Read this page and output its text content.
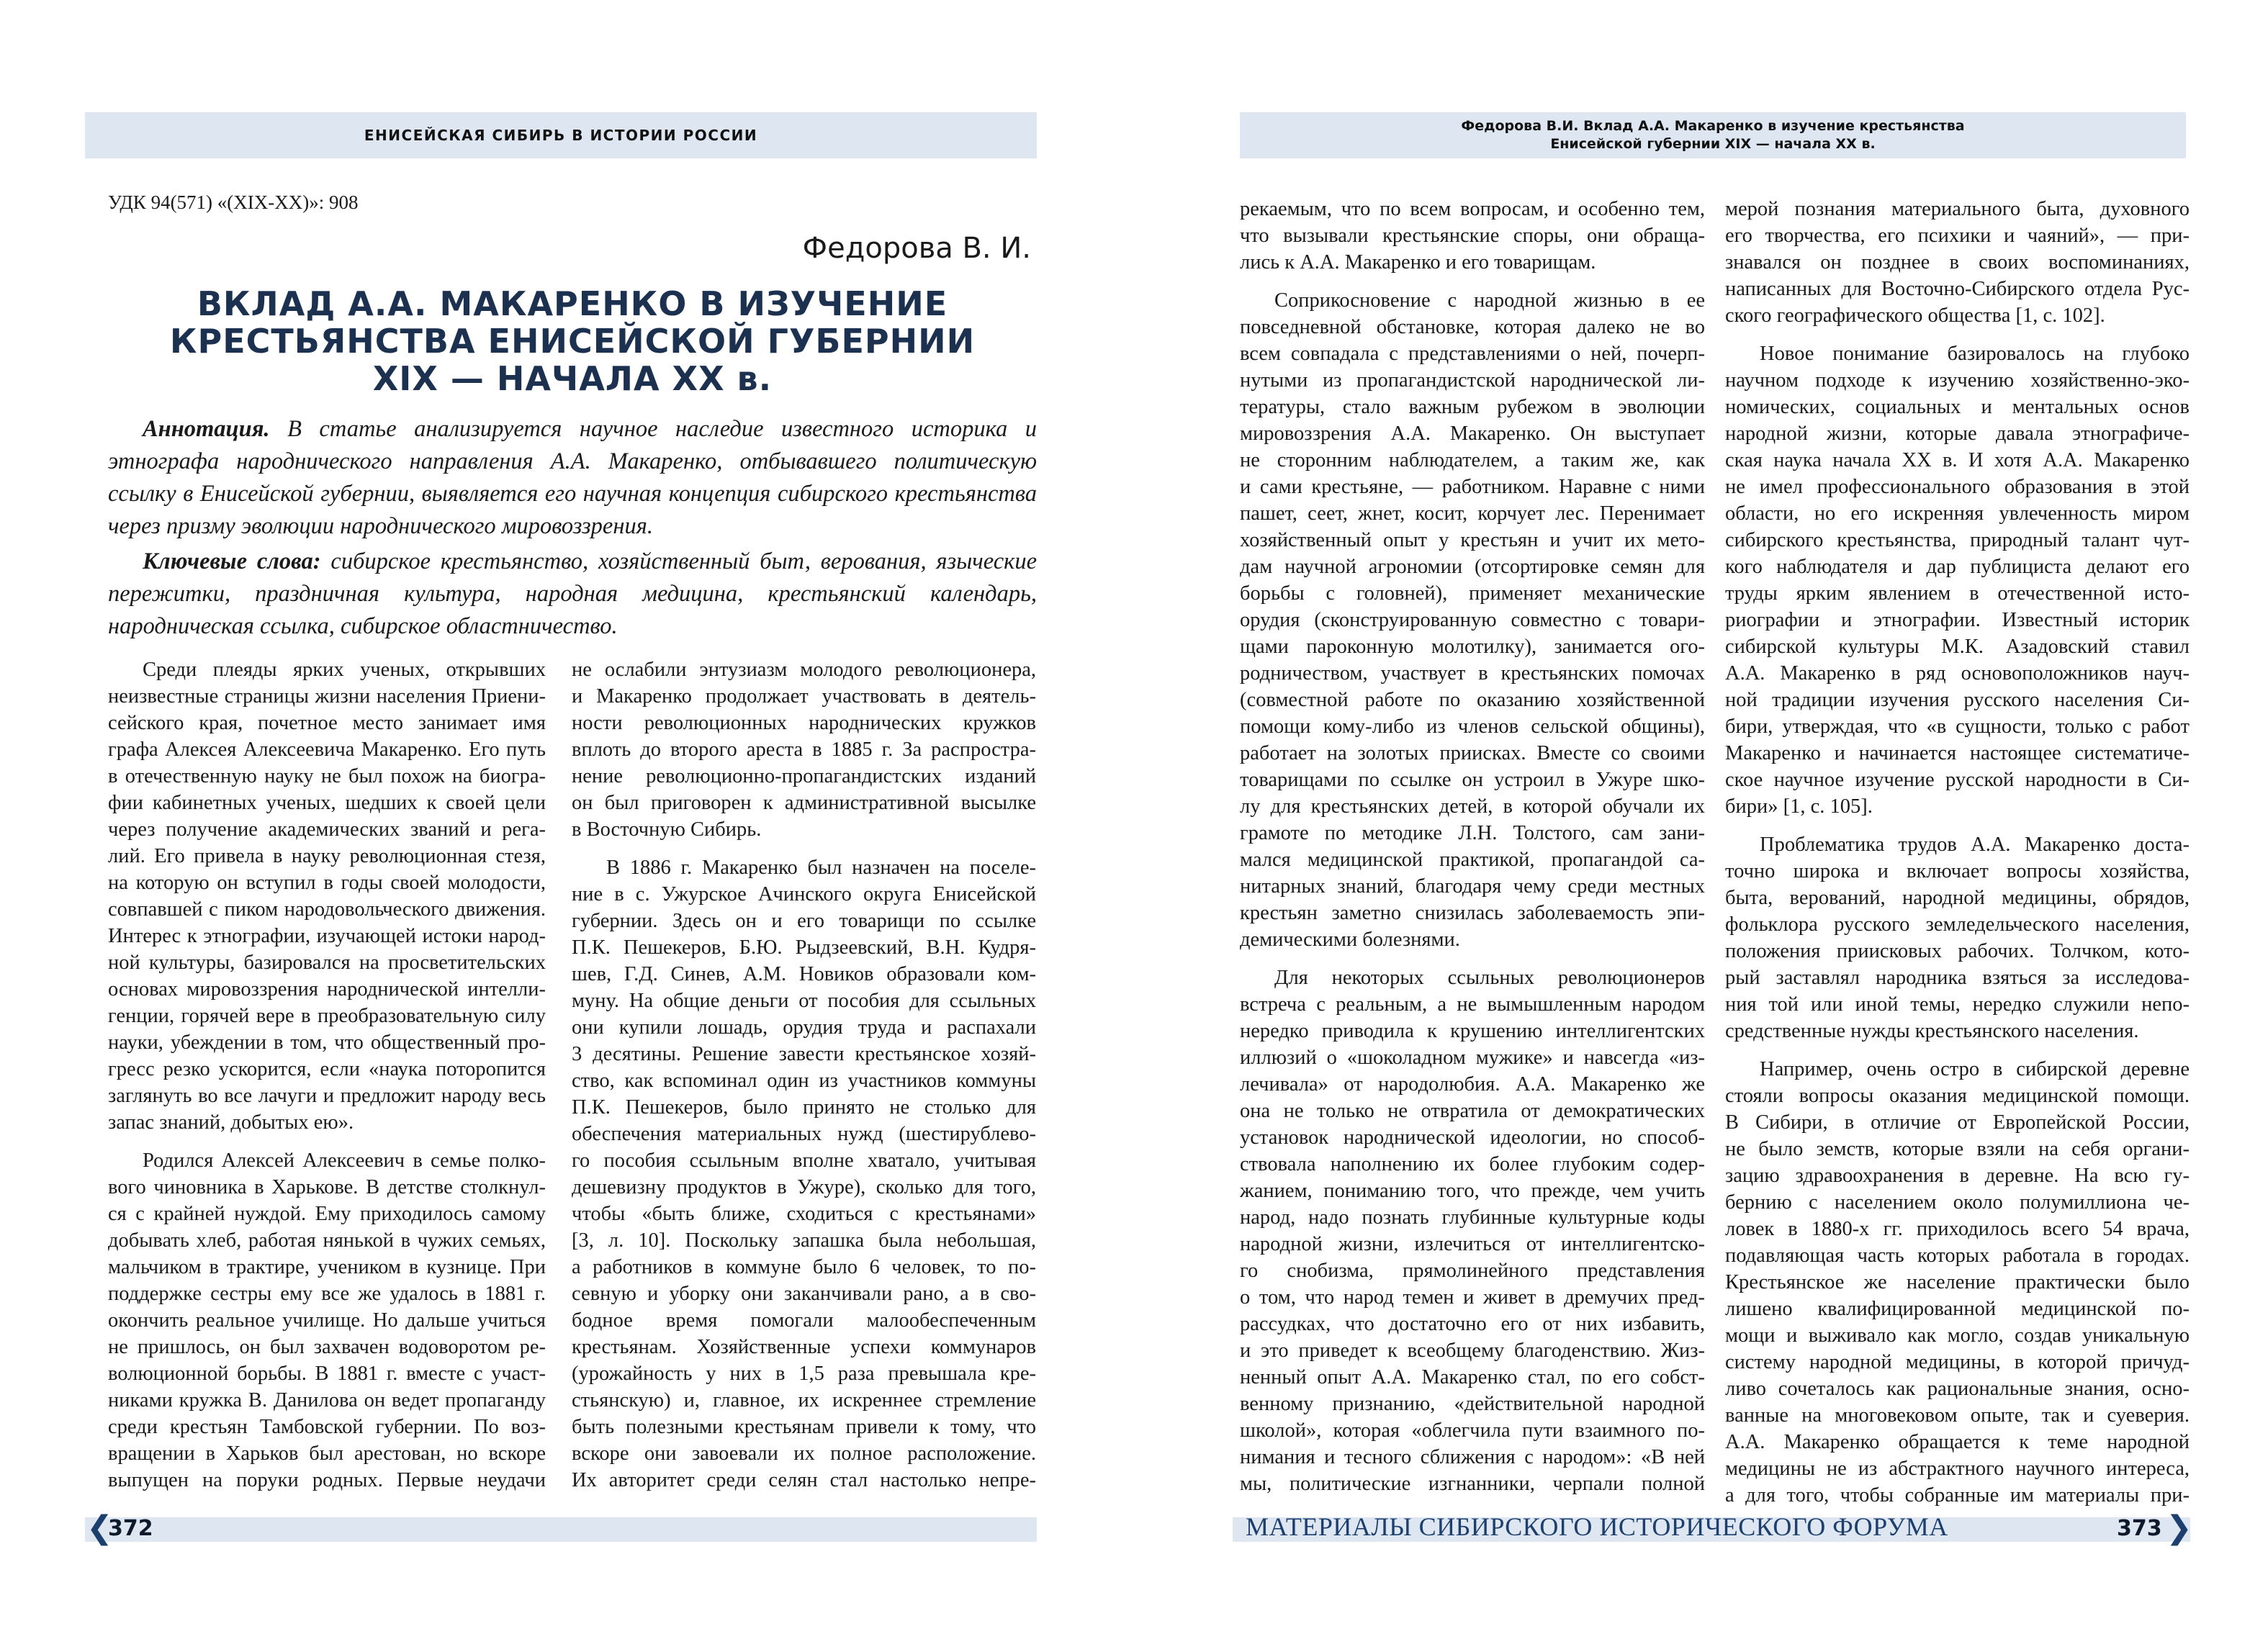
ЕНИСЕЙСКАЯ СИБИРЬ В ИСТОРИИ РОССИИ
УДК 94(571) «(XIX-XX)»: 908
Федорова В. И.
ВКЛАД А.А. МАКАРЕНКО В ИЗУЧЕНИЕ
КРЕСТЬЯНСТВА ЕНИСЕЙСКОЙ ГУБЕРНИИ
XIX — НАЧАЛА XX в.
Аннотация. В статье анализируется научное наследие известного историка и этнографа народнического направления А.А. Макаренко, отбывавшего политическую ссылку в Енисейской губернии, выявляется его научная концепция сибирского крестьянства через призму эволюции народнического мировоззрения.
Ключевые слова: сибирское крестьянство, хозяйственный быт, верования, языческие пережитки, праздничная культура, народная медицина, крестьянский календарь, народническая ссылка, сибирское областничество.
Среди плеяды ярких ученых, открывших
неизвестные страницы жизни населения Приени-
сейского края, почетное место занимает имя
графа Алексея Алексеевича Макаренко. Его путь
в отечественную науку не был похож на биогра-
фии кабинетных ученых, шедших к своей цели
через получение академических званий и рега-
лий. Его привела в науку революционная стезя,
на которую он вступил в годы своей молодости,
совпавшей с пиком народовольческого движения.
Интерес к этнографии, изучающей истоки народ-
ной культуры, базировался на просветительских
основах мировоззрения народнической интелли-
генции, горячей вере в преобразовательную силу
науки, убеждении в том, что общественный про-
гресс резко ускорится, если «наука поторопится
заглянуть во все лачуги и предложит народу весь
запас знаний, добытых ею».
Родился Алексей Алексеевич в семье полко-
вого чиновника в Харькове. В детстве столкнул-
ся с крайней нуждой. Ему приходилось самому
добывать хлеб, работая нянькой в чужих семьях,
мальчиком в трактире, учеником в кузнице. При
поддержке сестры ему все же удалось в 1881 г.
окончить реальное училище. Но дальше учиться
не пришлось, он был захвачен водоворотом ре-
волюционной борьбы. В 1881 г. вместе с участ-
никами кружка В. Данилова он ведет пропаганду
среди крестьян Тамбовской губернии. По воз-
вращении в Харьков был арестован, но вскоре
выпущен на поруки родных. Первые неудачи
не ослабили энтузиазм молодого революционера,
и Макаренко продолжает участвовать в деятель-
ности революционных народнических кружков
вплоть до второго ареста в 1885 г. За распростра-
нение революционно-пропагандистских изданий
он был приговорен к административной высылке
в Восточную Сибирь.
В 1886 г. Макаренко был назначен на поселе-
ние в с. Ужурское Ачинского округа Енисейской
губернии. Здесь он и его товарищи по ссылке
П.К. Пешекеров, Б.Ю. Рыдзеевский, В.Н. Кудря-
шев, Г.Д. Синев, А.М. Новиков образовали ком-
муну. На общие деньги от пособия для ссыльных
они купили лошадь, орудия труда и распахали
3 десятины. Решение завести крестьянское хозяй-
ство, как вспоминал один из участников коммуны
П.К. Пешекеров, было принято не столько для
обеспечения материальных нужд (шестирублево-
го пособия ссыльным вполне хватало, учитывая
дешевизну продуктов в Ужуре), сколько для того,
чтобы «быть ближе, сходиться с крестьянами»
[3, л. 10]. Поскольку запашка была небольшая,
а работников в коммуне было 6 человек, то по-
севную и уборку они заканчивали рано, а в сво-
бодное время помогали малообеспеченным
крестьянам. Хозяйственные успехи коммунаров
(урожайность у них в 1,5 раза превышала кре-
стьянскую) и, главное, их искреннее стремление
быть полезными крестьянам привели к тому, что
вскоре они завоевали их полное расположение.
Их авторитет среди селян стал настолько непре-
❮
372
Федорова В.И. Вклад А.А. Макаренко в изучение крестьянства
Енисейской губернии XIX — начала XX в.
рекаемым, что по всем вопросам, и особенно тем,
что вызывали крестьянские споры, они обраща-
лись к А.А. Макаренко и его товарищам.
Соприкосновение с народной жизнью в ее
повседневной обстановке, которая далеко не во
всем совпадала с представлениями о ней, почерп-
нутыми из пропагандистской народнической ли-
тературы, стало важным рубежом в эволюции
мировоззрения А.А. Макаренко. Он выступает
не сторонним наблюдателем, а таким же, как
и сами крестьяне, — работником. Наравне с ними
пашет, сеет, жнет, косит, корчует лес. Перенимает
хозяйственный опыт у крестьян и учит их мето-
дам научной агрономии (отсортировке семян для
борьбы с головней), применяет механические
орудия (сконструированную совместно с товари-
щами пароконную молотилку), занимается ого-
родничеством, участвует в крестьянских помочах
(совместной работе по оказанию хозяйственной
помощи кому-либо из членов сельской общины),
работает на золотых приисках. Вместе со своими
товарищами по ссылке он устроил в Ужуре шко-
лу для крестьянских детей, в которой обучали их
грамоте по методике Л.Н. Толстого, сам зани-
мался медицинской практикой, пропагандой са-
нитарных знаний, благодаря чему среди местных
крестьян заметно снизилась заболеваемость эпи-
демическими болезнями.
Для некоторых ссыльных революционеров
встреча с реальным, а не вымышленным народом
нередко приводила к крушению интеллигентских
иллюзий о «шоколадном мужике» и навсегда «из-
лечивала» от народолюбия. А.А. Макаренко же
она не только не отвратила от демократических
установок народнической идеологии, но способ-
ствовала наполнению их более глубоким содер-
жанием, пониманию того, что прежде, чем учить
народ, надо познать глубинные культурные коды
народной жизни, излечиться от интеллигентско-
го снобизма, прямолинейного представления
о том, что народ темен и живет в дремучих пред-
рассудках, что достаточно его от них избавить,
и это приведет к всеобщему благоденствию. Жиз-
ненный опыт А.А. Макаренко стал, по его собст-
венному признанию, «действительной народной
школой», которая «облегчила пути взаимного по-
нимания и тесного сближения с народом»: «В ней
мы, политические изгнанники, черпали полной
мерой познания материального быта, духовного
его творчества, его психики и чаяний», — при-
знавался он позднее в своих воспоминаниях,
написанных для Восточно-Сибирского отдела Рус-
ского географического общества [1, с. 102].
Новое понимание базировалось на глубоко
научном подходе к изучению хозяйственно-эко-
номических, социальных и ментальных основ
народной жизни, которые давала этнографиче-
ская наука начала XX в. И хотя А.А. Макаренко
не имел профессионального образования в этой
области, но его искренняя увлеченность миром
сибирского крестьянства, природный талант чут-
кого наблюдателя и дар публициста делают его
труды ярким явлением в отечественной исто-
риографии и этнографии. Известный историк
сибирской культуры М.К. Азадовский ставил
А.А. Макаренко в ряд основоположников науч-
ной традиции изучения русского населения Си-
бири, утверждая, что «в сущности, только с работ
Макаренко и начинается настоящее систематиче-
ское научное изучение русской народности в Си-
бири» [1, с. 105].
Проблематика трудов А.А. Макаренко доста-
точно широка и включает вопросы хозяйства,
быта, верований, народной медицины, обрядов,
фольклора русского земледельческого населения,
положения приисковых рабочих. Толчком, кото-
рый заставлял народника взяться за исследова-
ния той или иной темы, нередко служили непо-
средственные нужды крестьянского населения.
Например, очень остро в сибирской деревне
стояли вопросы оказания медицинской помощи.
В Сибири, в отличие от Европейской России,
не было земств, которые взяли на себя органи-
зацию здравоохранения в деревне. На всю гу-
бернию с населением около полумиллиона че-
ловек в 1880-х гг. приходилось всего 54 врача,
подавляющая часть которых работала в городах.
Крестьянское же население практически было
лишено квалифицированной медицинской по-
мощи и выживало как могло, создав уникальную
систему народной медицины, в которой причуд-
ливо сочеталось как рациональные знания, осно-
ванные на многовековом опыте, так и суеверия.
А.А. Макаренко обращается к теме народной
медицины не из абстрактного научного интереса,
а для того, чтобы собранные им материалы при-
МАТЕРИАЛЫ СИБИРСКОГО ИСТОРИЧЕСКОГО ФОРУМА	373 ❯
